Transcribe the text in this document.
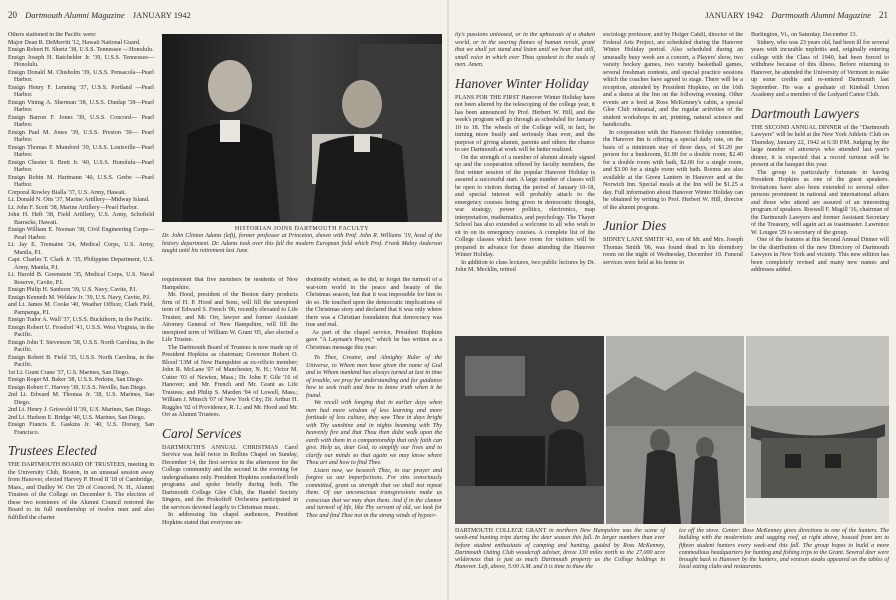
20 Dartmouth Alumni Magazine JANUARY 1942	JANUARY 1942 Dartmouth Alumni Magazine 21

Others stationed in the Pacific were:

Major Dean R. DeMerritt '12, Hawaii National Guard.

Ensign Robert H. Shertz '38, U.S.S. Tennessee —Honolulu.

Ensign Joseph H. Batchelder Jr. '39, U.S.S. Tennessee—Honolulu.

Ensign Donald M. Chisholm '39, U.S.S. Pensacola—Pearl Harbor.

Ensign Henry F. Lenning '37, U.S.S. Portland —Pearl Harbor.

Ensign Vining A. Sherman '38, U.S.S. Dunlap '38—Pearl Harbor.

Ensign Barron F. Jones '39, U.S.S. Concord— Pearl Harbor.

Ensign Paul M. Jones '39, U.S.S. Preston '39— Pearl Harbor.

Ensign Thomas F. Mumford '39, U.S.S. Louisville—Pearl Harbor.

Ensign Chester S. Brett Jr. '40, U.S.S. Honolulu—Pearl Harbor.

Ensign Robin M. Hartmann '40, U.S.S. Grebe —Pearl Harbor.

Corporal Rowley Bialla '37, U.S. Army, Hawaii.

Lt. Donald N. Otis '37, Marine Artillery—Midway Island.

Lt. John F. Scott '38, Marine Artillery—Pearl Harbor.

John H. Heft '38, Field Artillery, U.S. Army, Schofield Barracks, Hawaii.

Ensign William E. Noonan '38, Civil Engineering Corps—Pearl Harbor.

Lt. Jay E. Tremaine '24, Medical Corps, U.S. Army, Manila, P.I.

Capt. Charles T. Clark Jr. '35, Philippine Department, U.S. Army, Manila, P.I.

Lt. Harold B. Greenstein '35, Medical Corps, U.S. Naval Reserve, Cavite, P.I.

Ensign Philip H. Sanborn '39, U.S. Navy, Cavite, P.I.

Ensign Kenneth M. Weldaw Jr. '39, U.S. Navy, Cavite, P.I.

and Lt. James M. Cooke '40, Weather Officer, Clark Field, Pampanga, P.I.

Ensign Tudor A. Wall '37, U.S.S. Buckthorn, in the Pacific.

Ensign Robert U. Frosdorf '41, U.S.S. West Virginia, in the Pacific.

Ensign John T. Stevenson '38, U.S.S. North Carolina, in the Pacific.

Ensign Robert B. Field '35, U.S.S. North Carolina, in the Pacific.

1st Lt. Grant Crane '37, U.S. Marines, San Diego.

Ensign Roger M. Baker '38, U.S.S. Perkins, San Diego.

Ensign Robert C. Harvey '38, U.S.S. Neville, San Diego.

2nd Lt. Edward M. Thomas Jr. '38, U.S. Marines, San Diego.

2nd Lt. Henry J. Griswold II '39, U.S. Marines, San Diego.

2nd Lt. Hudson E. Bridge '40, U.S. Marines, San Diego.

Ensign Francis E. Gaskins Jr. '40, U.S. Dorsey, San Francisco.

Trustees Elected

THE DARTMOUTH BOARD OF TRUSTEES, meeting in the University Club, Boston, in an unusual session away from Hanover, elected Harvey P. Hood II '18 of Cambridge, Mass., and Dudley W. Orr '29 of Concord, N. H., Alumni Trustees of the College on December 6. The election of these two nominees of the Alumni Council restored the Board to its full membership of twelve men and also fulfilled the charter

HISTORIAN JOINS DARTMOUTH FACULTY
Dr. John Clinton Adams (left), former professor at Princeton, shown with Prof. John R. Williams '19, head of the history department. Dr. Adams took over this fall the modern European field which Prof. Frank Maloy Anderson taught until his retirement last June.

requirement that five members be residents of New Hampshire.

Mr. Hood, president of the Boston dairy products firm of H. P. Hood and Sons, will fill the unexpired term of Edward S. French '06, recently elevated to Life Trustee; and Mr. Orr, lawyer and former Assistant Attorney General of New Hampshire, will fill the unexpired term of William W. Grant '05, also elected a Life Trustee.

The Dartmouth Board of Trustees is now made up of President Hopkins as chairman; Governor Robert O. Blood '13M of New Hampshire as ex-officio member; John R. McLane '07 of Manchester, N. H.; Victor M. Cutter '03 of Newton, Mass.; Dr. John F. Gile '16 of Hanover; and Mr. French and Mr. Grant as Life Trustees; and Philip S. Marden '94 of Lowell, Mass.; William J. Minsch '07 of New York City; Dr. Arthur H. Ruggles '02 of Providence, R. I.; and Mr. Hood and Mr. Orr as Alumni Trustees.

Carol Services

DARTMOUTH'S ANNUAL CHRISTMAS Carol Service was held twice in Rollins Chapel on Sunday, December 14, the first service in the afternoon for the College community and the second in the evening for undergraduates only. President Hopkins conducted both programs and spoke briefly during both. The Dartmouth College Glee Club, the Handel Society Singers, and the Prokofieff Orchestra participated in the services devoted largely to Christmas music.

In addressing his chapel audiences, President Hopkins stated that everyone un-

doubtedly wished, as he did, to forget the turmoil of a war-torn world in the peace and beauty of the Christmas season, but that it was impossible for him to do so. He touched upon the democratic implications of the Christmas story and declared that it was only where there was a Christian foundation that democracy was true and real.

As part of the chapel service, President Hopkins gave "A Layman's Prayer," which he has written as a Christmas message this year:

To Thee, Creator, and Almighty Ruler of the Universe, to Whom men have given the name of God and to Whom mankind has always turned at last in time of trouble, we pray for understanding and for guidance how to seek truth and how to know truth when it be found.

We recall with longing that in earlier days when men had more wisdom of less learning and more fortitude of less culture, they saw Thee in days bright with Thy sunshine and in nights beaming with Thy heavenly fire and that Thou then didst walk upon the earth with them in a companionship that only faith can give. Help us, dear God, to simplify our lives and to clarify our minds so that again we may know where Thou art and how to find Thee.

Listen now, we beseech Thee, to our prayer and forgive us our imperfections. For sins consciously committed, grant us strength that we shall not repeat them. Of our unconscious transgressions make us conscious that we may shun them. And if in the clamor and turmoil of life, like Thy servant of old, we look for Thee and find Thee not in the strong winds of hypocr-

ity's passions unloosed, or in the upheavals of a shaken world, or in the searing flames of human revolt, grant that we shall yet stand and listen until we hear that still, small voice in which ever Thou speakest to the souls of men. Amen.

Hanover Winter Holiday

PLANS FOR THE FIRST Hanover Winter Holiday have not been altered by the telescoping of the college year, it has been announced by Prof. Herbert W. Hill, and the week's program will go through as scheduled for January 10 to 18. The wheels of the College will, in fact, be turning more busily and seriously than ever, and the purpose of giving alumni, parents and others the chance to see Dartmouth at work will be better realized.

On the strength of a number of alumni already signed up and the cooperation offered by faculty members, the first winter session of the popular Hanover Holiday is assured a successful start. A large number of classes will be open to visitors during the period of January 10-18, and special interest will probably attach to the emergency courses being given in democratic thought, war strategy, power politics, electronics, map interpretation, mathematics, and psychology. The Thayer School has also extended a welcome to all who wish to sit in on its emergency courses. A complete list of the College classes which have room for visitors will be prepared in advance for those attending the Hanover Winter Holiday.

In addition to class lectures, two public lectures by Dr. John M. Mecklin, retired

sociology professor, and by Holger Cahill, director of the Federal Arts Project, are scheduled during the Hanover Winter Holiday period. Also scheduled during an unusually busy week are a concert, a Players' show, two varsity hockey games, two varsity basketball games, several freshman contests, and special practice sessions which the coaches have agreed to stage. There will be a reception, attended by President Hopkins, on the 16th and a dance at the Inn on the following evening. Other events are a feed at Ross McKenney's cabin, a special Glee Club rehearsal, and the regular activities of the student workshops in art, printing, natural science and handicrafts.

In cooperation with the Hanover Holiday committee, the Hanover Inn is offering a special daily rate, on the basis of a minimum stay of three days, of $1.20 per person for a bunkroom, $1.80 for a double room, $2.40 for a double room with bath, $2.00 for a single room, and $3.00 for a single room with bath. Rooms are also available at the Green Lantern in Hanover and at the Norwich Inn. Special meals at the Inn will be $1.25 a day. Full information about Hanover Winter Holiday can be obtained by writing to Prof. Herbert W. Hill, director of the alumni program.

Junior Dies

SIDNEY LANE SMITH '43, son of Mr. and Mrs. Joseph Thomas Smith '06, was found dead in his dormitory room on the night of Wednesday, December 10. Funeral services were held at his home in

Burlington, Vt., on Saturday, December 13.

Sidney, who was 23 years old, had been ill for several years with incurable nephritis and, originally entering college with the Class of 1940, had been forced to withdraw because of this illness. Before returning to Hanover, he attended the University of Vermont to make up some credits and re-entered Dartmouth last September. He was a graduate of Kimball Union Academy and a member of the Ledyard Canoe Club.

Dartmouth Lawyers

THE SECOND ANNUAL DINNER of the "Dartmouth Lawyers" will be held at the New York Athletic Club on Thursday, January 22, 1942 at 6:30 P.M. Judging by the large number of attorneys who attended last year's dinner, it is expected that a record turnout will be present at the banquet this year.

The group is particularly fortunate in having President Hopkins as one of the guest speakers. Invitations have also been extended to several other persons prominent in national and international affairs and those who attend are assured of an interesting program of speakers. Roswell F. Magill '16, chairman of the Dartmouth Lawyers and former Assistant Secretary of the Treasury, will again act as toastmaster. Lawrence W. Lougee '29 is secretary of the group.

One of the features at this Second Annual Dinner will be the distribution of the new Directory of Dartmouth Lawyers in New York and vicinity. This new edition has been completely revised and many new names and addresses added.

DARTMOUTH COLLEGE GRANT in northern New Hampshire was the scene of week-end hunting trips during the deer season this fall. In larger numbers than ever before student enthusiasts of camping and hunting, guided by Ross McKenney, Dartmouth Outing Club woodcraft adviser, drove 130 miles north to the 27,000 acre wilderness that is just as much Dartmouth property as the College holdings in Hanover. Left, above, 5:00 A.M. and it is time to thaw the
ice off the stove. Center: Ross McKenney gives directions to one of the hunters. The building with the modernistic and sagging roof, at right above, housed from ten to fifteen student hunters every week-end this fall. The group hopes to build a more commodious headquarters for hunting and fishing trips to the Grant. Several deer were brought back to Hanover by the hunters, and venison steaks appeared on the tables of local eating clubs and restaurants.
